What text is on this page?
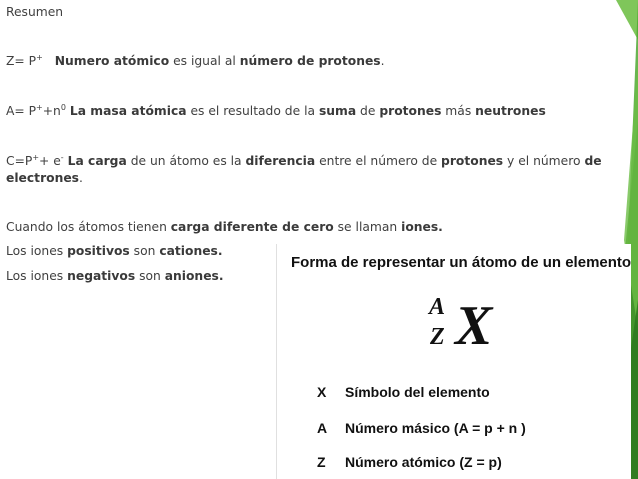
Resumen
Z= P+ Numero atómico es igual al número de protones.
$A= P^++n^0$ La masa atómica es el resultado de la suma de protones más neutrones
C=P++ e- La carga de un átomo es la diferencia entre el número de protones y el número de
electrones.
Cuando los átomos tienen carga diferente de cero se llaman iones.
Los iones positivos son cationes.
Los iones negativos son aniones.
Forma de representar un átomo de un elemento
A
Z X
X Símbolo del elemento
A Número másico (A = p + n )
Z Número atómico (Z = p)
